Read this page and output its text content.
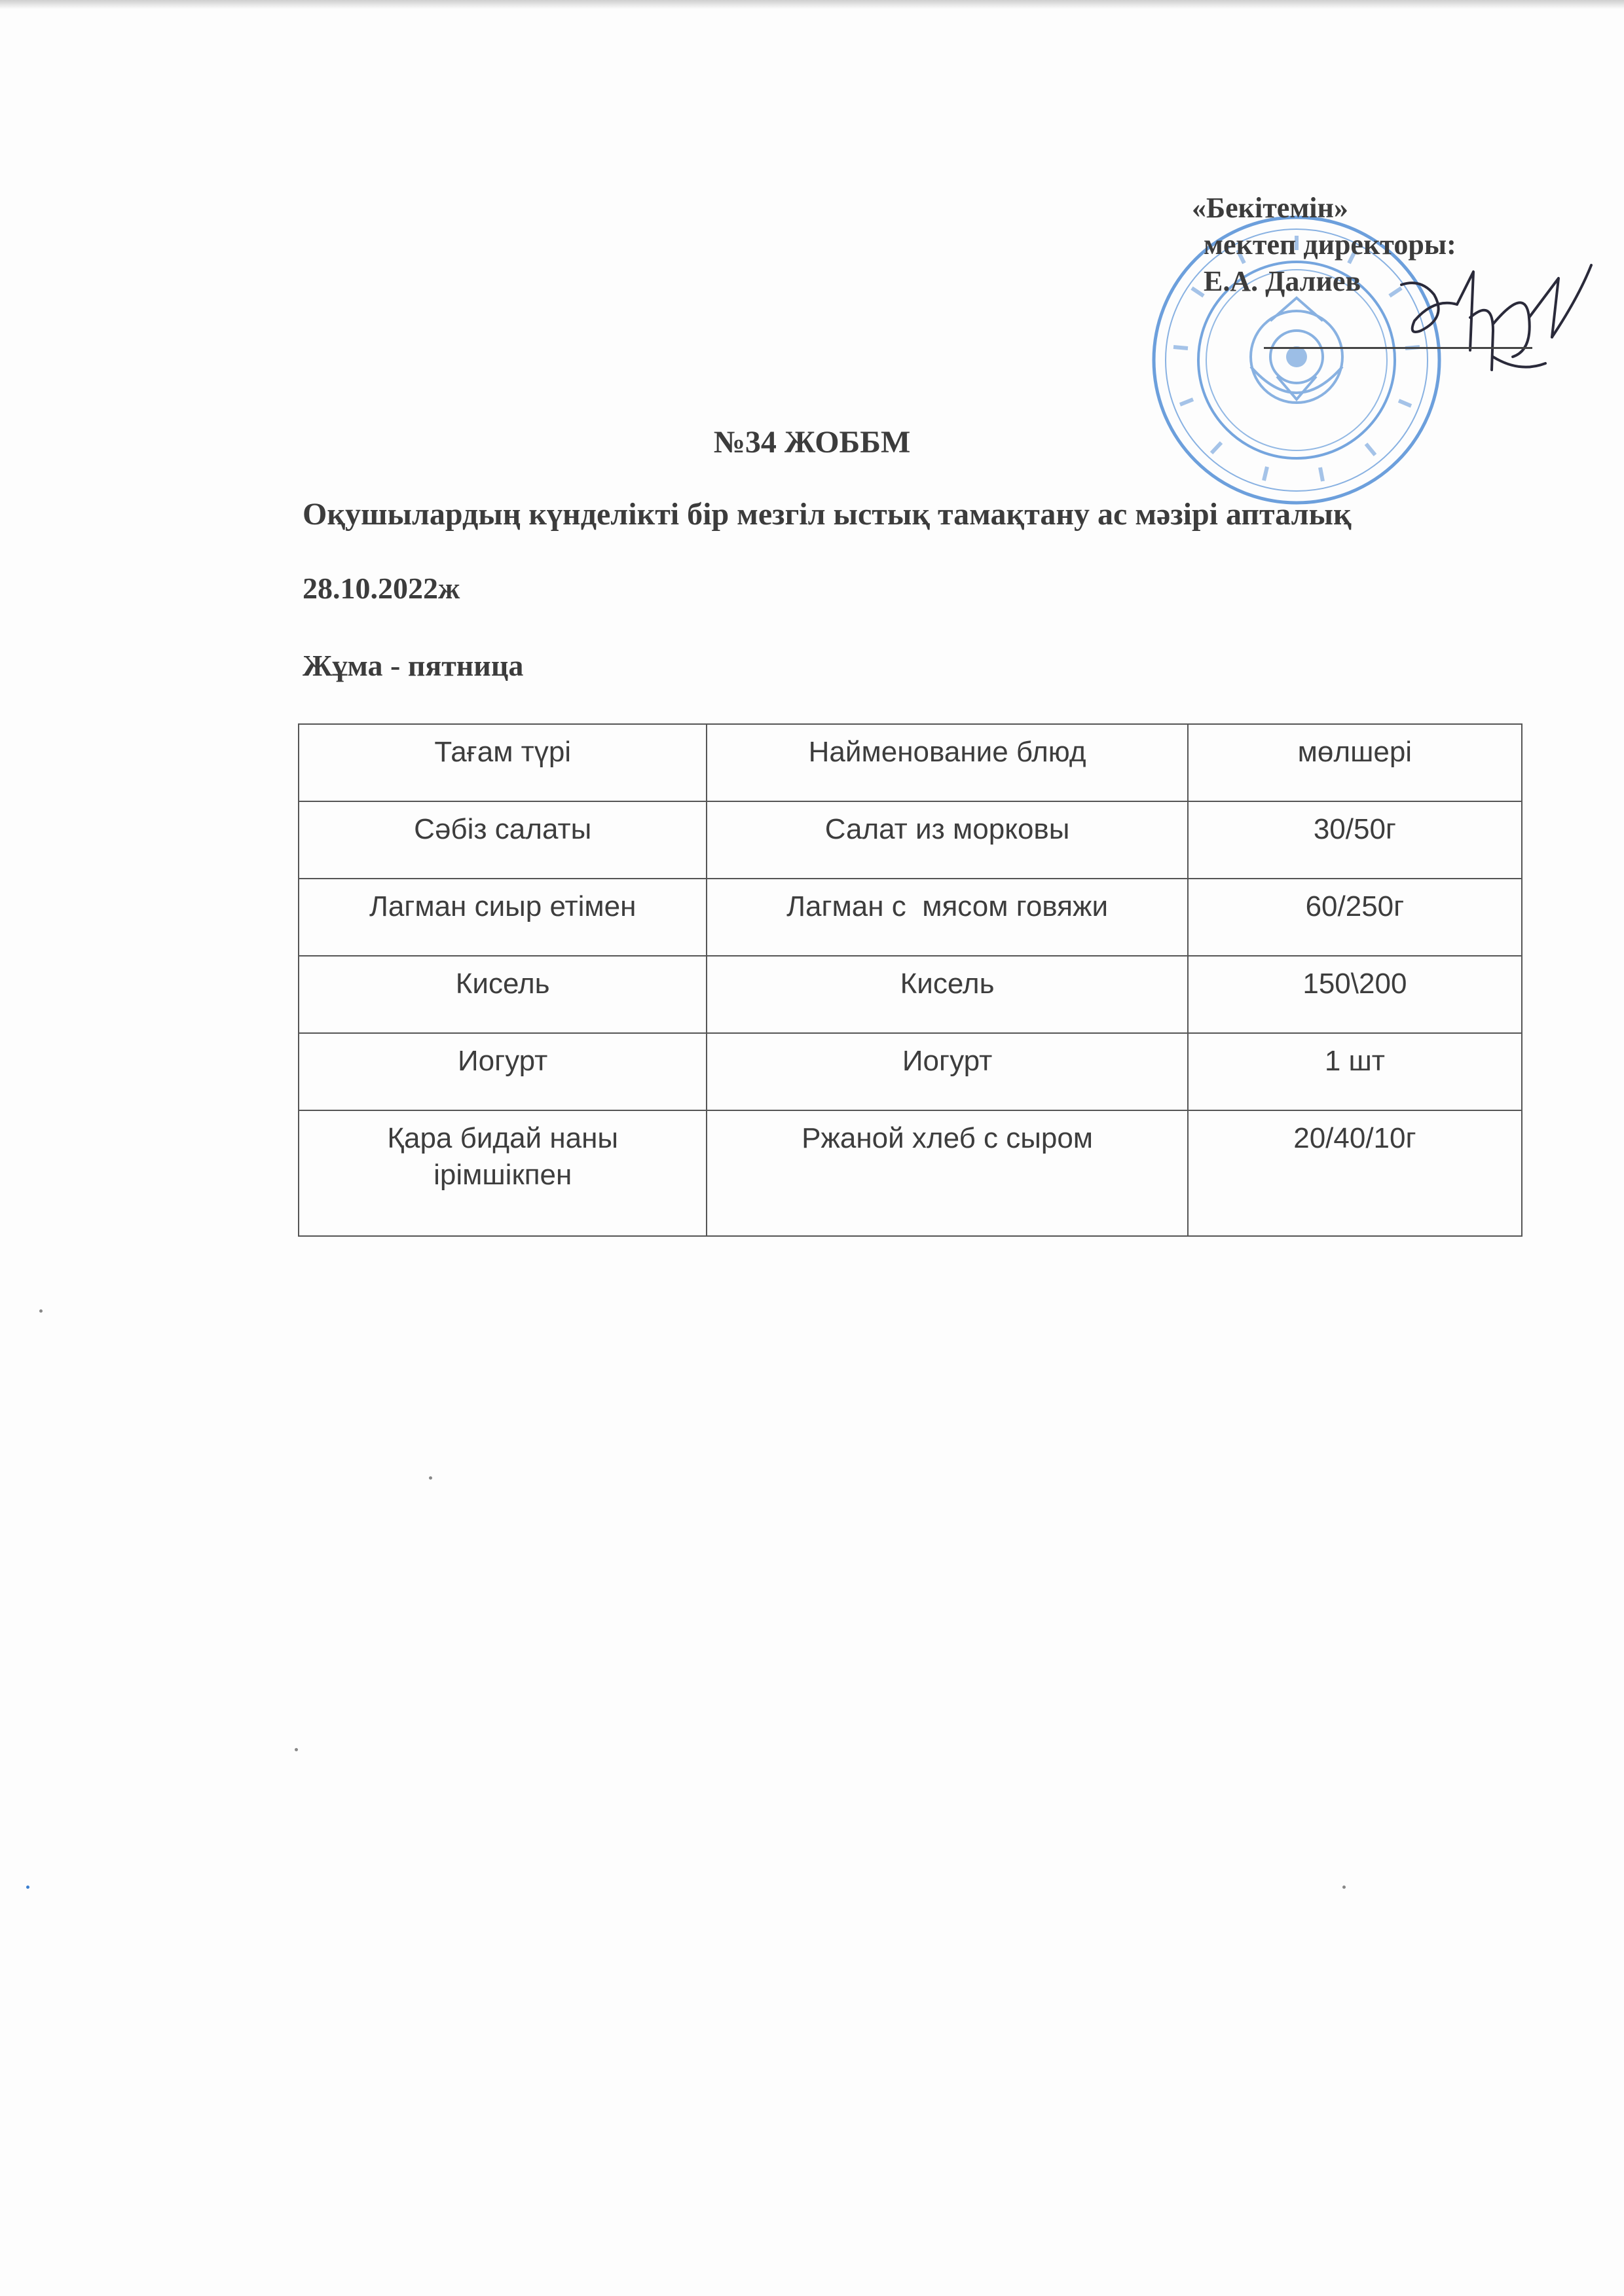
«Бекітемін»
мектеп директоры:
Е.А. Далиев
№34 ЖОББМ
Оқушылардың күнделікті бір мезгіл ыстық тамақтану ас мәзірі апталық
28.10.2022ж
Жұма - пятница
Тағам түрі	Найменование блюд	мөлшері
Сәбіз салаты	Салат из морковы	30/50г
Лагман сиыр етімен	Лагман с  мясом говяжи	60/250г
Кисель	Кисель	150\200
Иогурт	Иогурт	1 шт
Қара бидай наны ірімшікпен	Ржаной хлеб с сыром	20/40/10г
